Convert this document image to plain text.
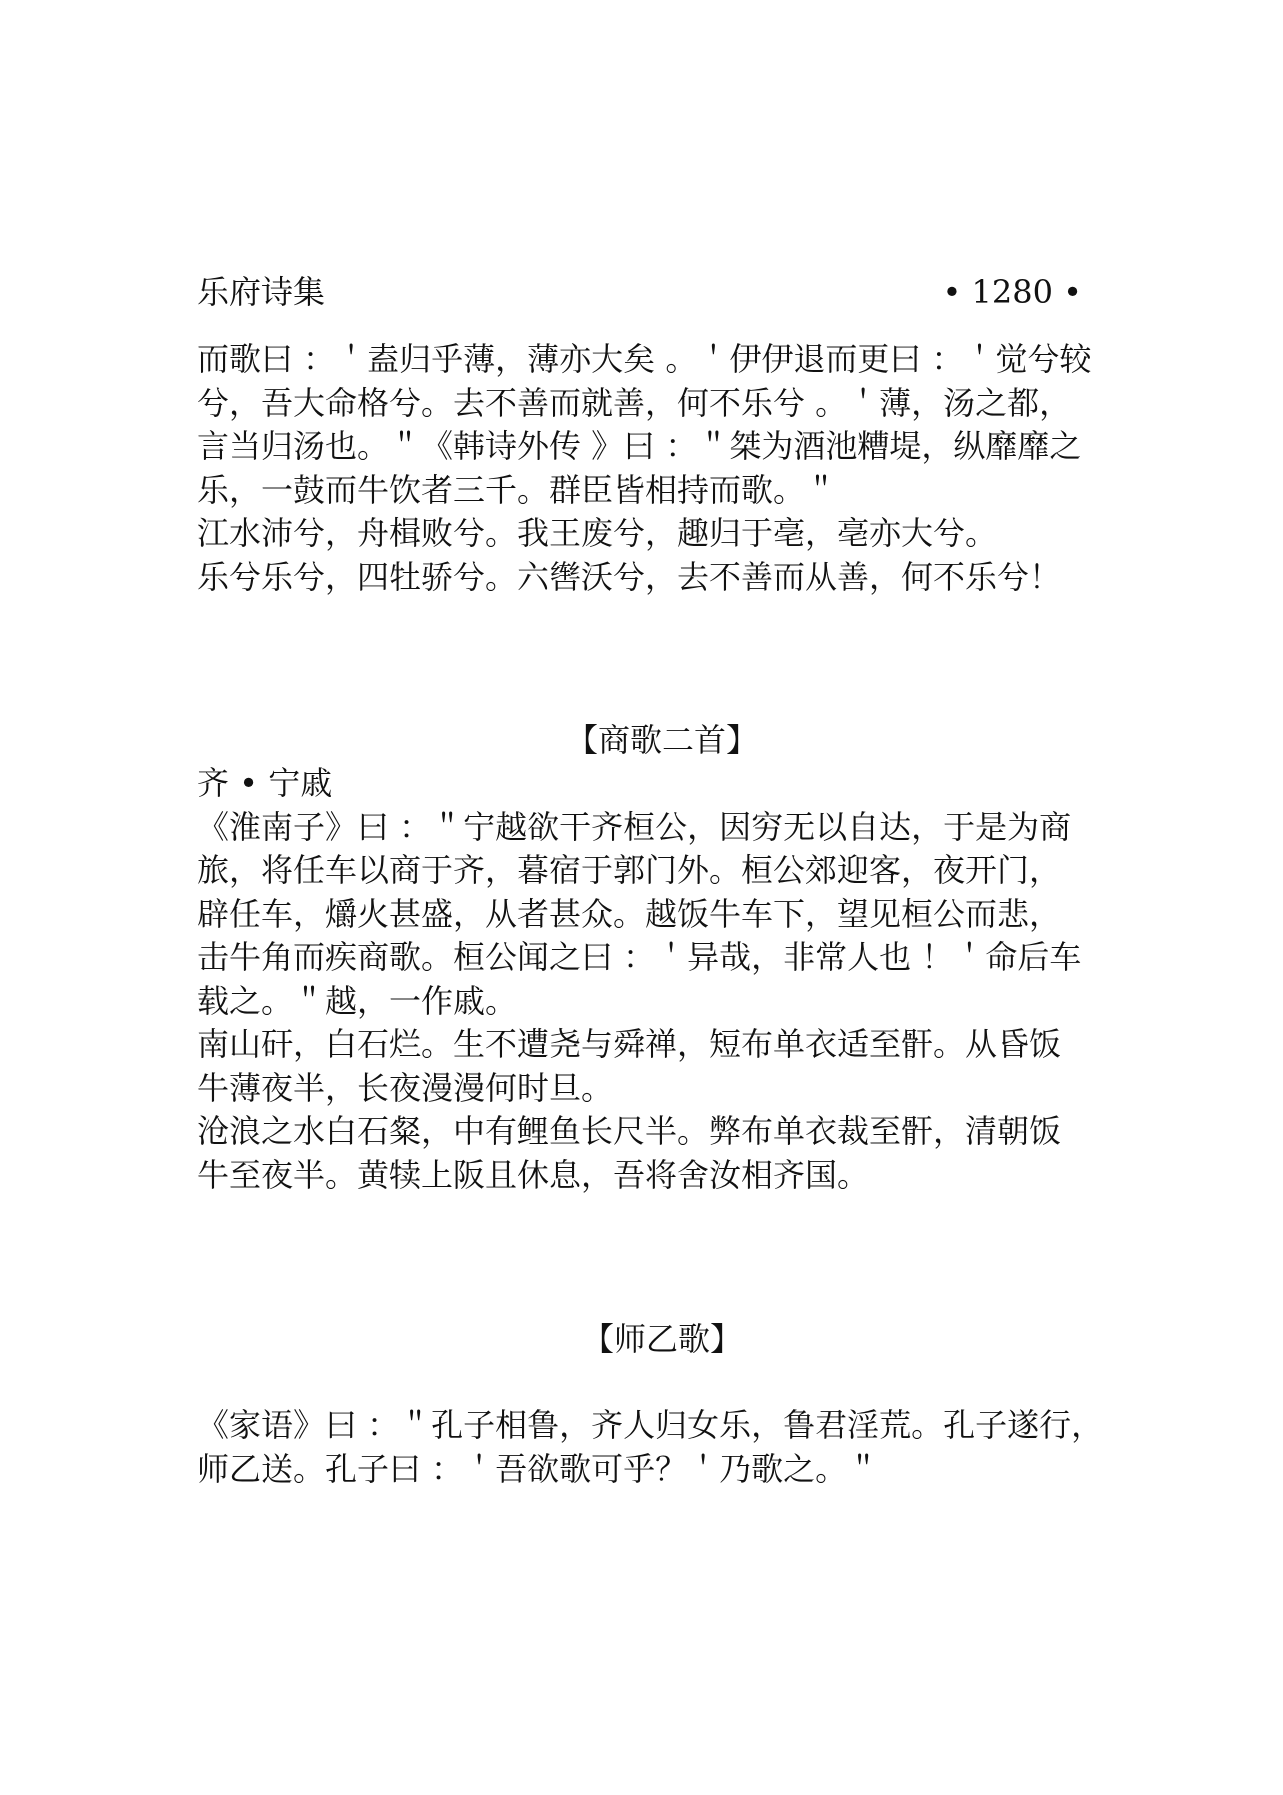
乐府诗集	• 1280 •
而歌曰 ：＇盍归乎薄，薄亦大矣 。＇伊伊退而更曰 ：＇觉兮较
兮，吾大命格兮。去不善而就善，何不乐兮 。＇薄，汤之都，
言当归汤也。＂《韩诗外传 》曰 ：＂桀为酒池糟堤，纵靡靡之
乐，一鼓而牛饮者三千。群臣皆相持而歌。＂
江水沛兮，舟楫败兮。我王废兮，趣归于亳，亳亦大兮。
乐兮乐兮，四牡骄兮。六辔沃兮，去不善而从善，何不乐兮！
【商歌二首】
齐 • 宁戚
《淮南子》曰 ：＂宁越欲干齐桓公，因穷无以自达，于是为商
旅，将任车以商于齐，暮宿于郭门外。桓公郊迎客，夜开门，
辟任车，爝火甚盛，从者甚众。越饭牛车下，望见桓公而悲，
击牛角而疾商歌。桓公闻之曰 ：＇异哉，非常人也 ！＇命后车
载之。＂越，一作戚。
南山矸，白石烂。生不遭尧与舜禅，短布单衣适至骭。从昏饭
牛薄夜半，长夜漫漫何时旦。
沧浪之水白石粲，中有鲤鱼长尺半。弊布单衣裁至骭，清朝饭
牛至夜半。黄犊上阪且休息，吾将舍汝相齐国。
【师乙歌】
《家语》曰 ：＂孔子相鲁，齐人归女乐，鲁君淫荒。孔子遂行，
师乙送。孔子曰 ：＇吾欲歌可乎？＇乃歌之。＂
